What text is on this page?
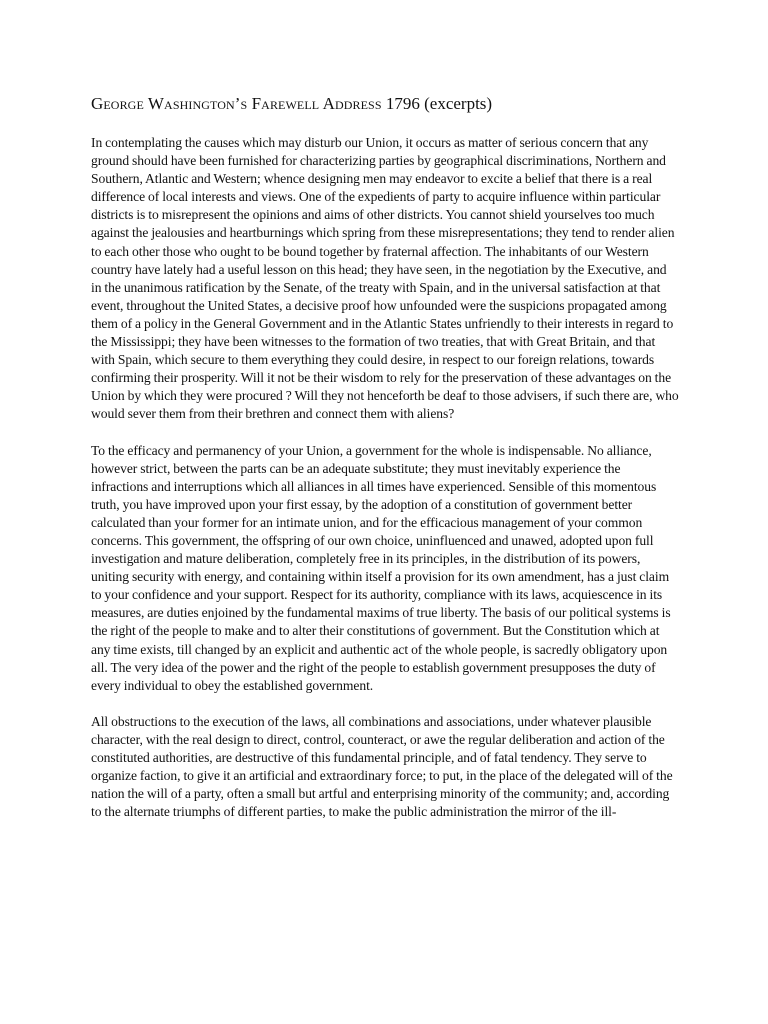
George Washington’s Farewell Address 1796 (excerpts)

In contemplating the causes which may disturb our Union, it occurs as matter of serious concern that any ground should have been furnished for characterizing parties by geographical discriminations, Northern and Southern, Atlantic and Western; whence designing men may endeavor to excite a belief that there is a real difference of local interests and views. One of the expedients of party to acquire influence within particular districts is to misrepresent the opinions and aims of other districts. You cannot shield yourselves too much against the jealousies and heartburnings which spring from these misrepresentations; they tend to render alien to each other those who ought to be bound together by fraternal affection. The inhabitants of our Western country have lately had a useful lesson on this head; they have seen, in the negotiation by the Executive, and in the unanimous ratification by the Senate, of the treaty with Spain, and in the universal satisfaction at that event, throughout the United States, a decisive proof how unfounded were the suspicions propagated among them of a policy in the General Government and in the Atlantic States unfriendly to their interests in regard to the Mississippi; they have been witnesses to the formation of two treaties, that with Great Britain, and that with Spain, which secure to them everything they could desire, in respect to our foreign relations, towards confirming their prosperity. Will it not be their wisdom to rely for the preservation of these advantages on the Union by which they were procured ? Will they not henceforth be deaf to those advisers, if such there are, who would sever them from their brethren and connect them with aliens?

To the efficacy and permanency of your Union, a government for the whole is indispensable. No alliance, however strict, between the parts can be an adequate substitute; they must inevitably experience the infractions and interruptions which all alliances in all times have experienced. Sensible of this momentous truth, you have improved upon your first essay, by the adoption of a constitution of government better calculated than your former for an intimate union, and for the efficacious management of your common concerns. This government, the offspring of our own choice, uninfluenced and unawed, adopted upon full investigation and mature deliberation, completely free in its principles, in the distribution of its powers, uniting security with energy, and containing within itself a provision for its own amendment, has a just claim to your confidence and your support. Respect for its authority, compliance with its laws, acquiescence in its measures, are duties enjoined by the fundamental maxims of true liberty. The basis of our political systems is the right of the people to make and to alter their constitutions of government. But the Constitution which at any time exists, till changed by an explicit and authentic act of the whole people, is sacredly obligatory upon all. The very idea of the power and the right of the people to establish government presupposes the duty of every individual to obey the established government.

All obstructions to the execution of the laws, all combinations and associations, under whatever plausible character, with the real design to direct, control, counteract, or awe the regular deliberation and action of the constituted authorities, are destructive of this fundamental principle, and of fatal tendency. They serve to organize faction, to give it an artificial and extraordinary force; to put, in the place of the delegated will of the nation the will of a party, often a small but artful and enterprising minority of the community; and, according to the alternate triumphs of different parties, to make the public administration the mirror of the ill-
